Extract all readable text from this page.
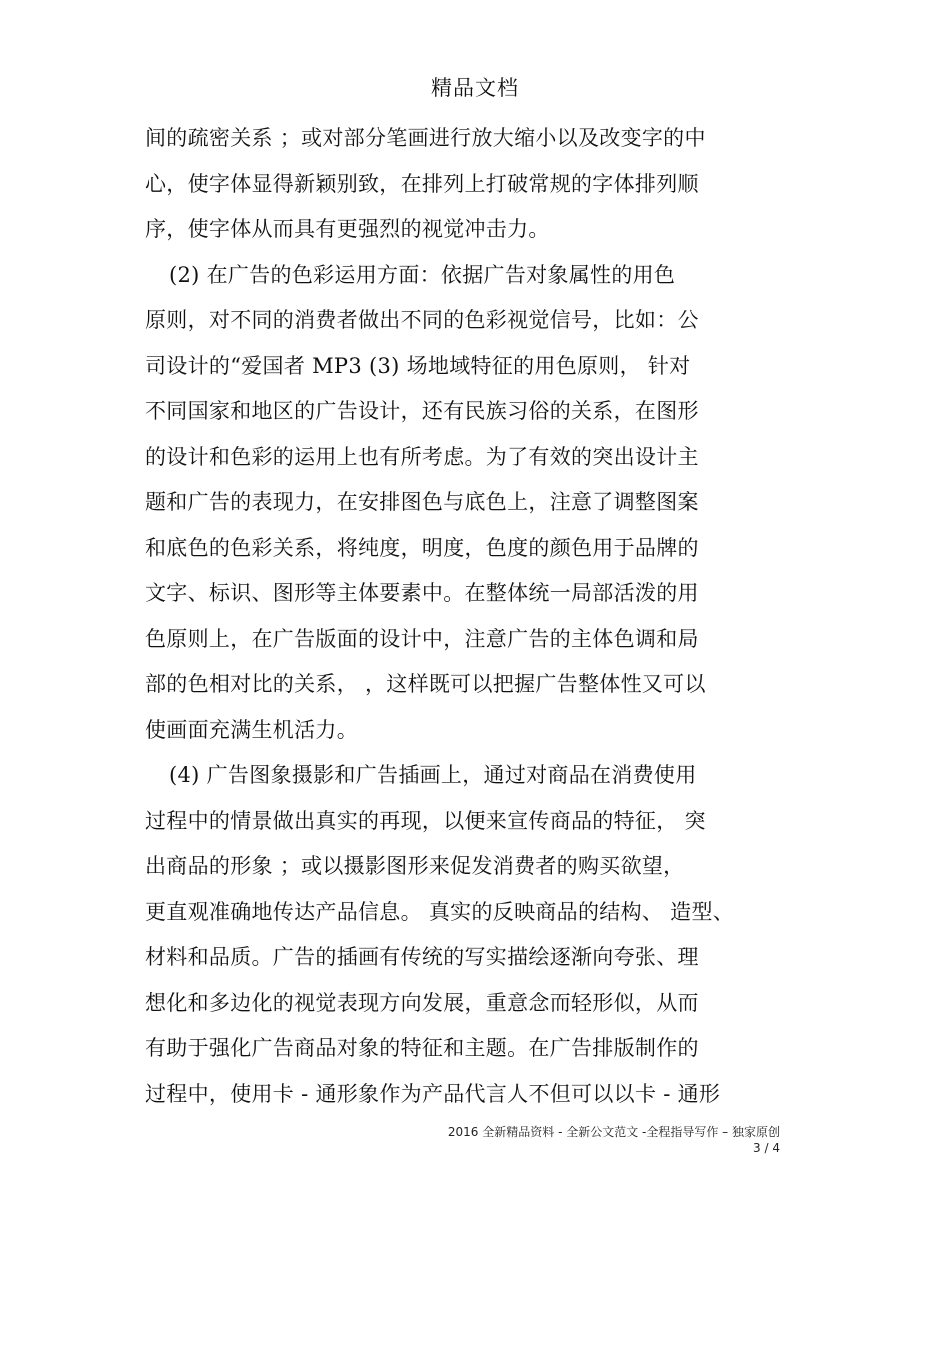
精品文档
间的疏密关系 ；或对部分笔画进行放大缩小以及改变字的中
心，使字体显得新颖别致，在排列上打破常规的字体排列顺
序，使字体从而具有更强烈的视觉冲击力。
(2) 在广告的色彩运用方面：依据广告对象属性的用色
原则，对不同的消费者做出不同的色彩视觉信号，比如：公
司设计的“爱国者 MP3 (3) 场地域特征的用色原则， 针对
不同国家和地区的广告设计，还有民族习俗的关系，在图形
的设计和色彩的运用上也有所考虑。为了有效的突出设计主
题和广告的表现力，在安排图色与底色上，注意了调整图案
和底色的色彩关系，将纯度，明度，色度的颜色用于品牌的
文字、标识、图形等主体要素中。在整体统一局部活泼的用
色原则上，在广告版面的设计中，注意广告的主体色调和局
部的色相对比的关系， ，这样既可以把握广告整体性又可以
使画面充满生机活力。
(4) 广告图象摄影和广告插画上，通过对商品在消费使用
过程中的情景做出真实的再现，以便来宣传商品的特征， 突
出商品的形象 ；或以摄影图形来促发消费者的购买欲望，
更直观准确地传达产品信息。 真实的反映商品的结构、 造型、
材料和品质。广告的插画有传统的写实描绘逐渐向夸张、理
想化和多边化的视觉表现方向发展，重意念而轻形似，从而
有助于强化广告商品对象的特征和主题。在广告排版制作的
过程中，使用卡 - 通形象作为产品代言人不但可以以卡 - 通形
2016 全新精品资料 - 全新公文范文 -全程指导写作 – 独家原创
3 / 4
